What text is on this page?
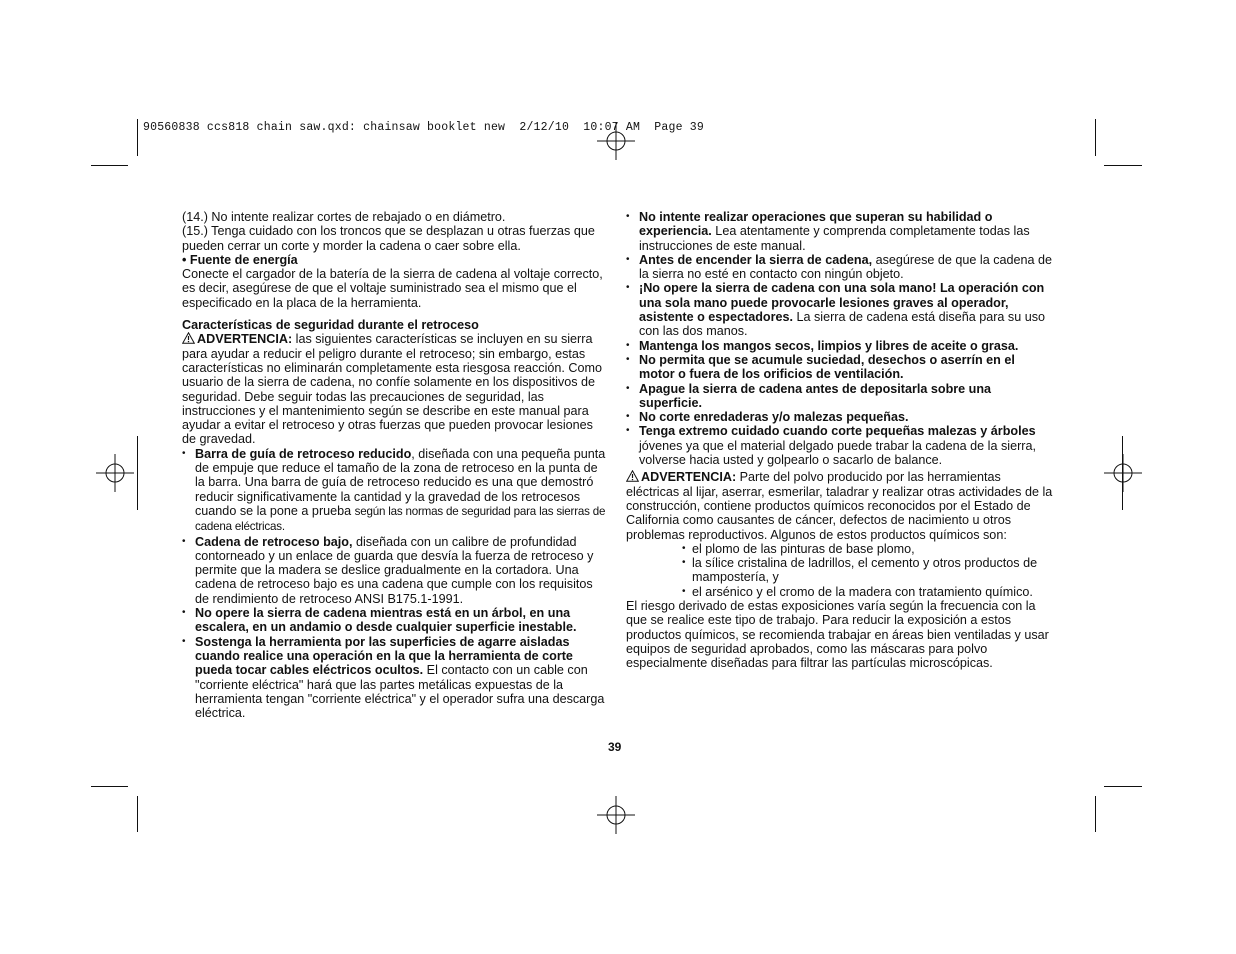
90560838 ccs818 chain saw.qxd: chainsaw booklet new  2/12/10  10:07 AM  Page 39

(14.) No intente realizar cortes de rebajado o en diámetro.

(15.) Tenga cuidado con los troncos que se desplazan u otras fuerzas que pueden cerrar un corte y morder la cadena o caer sobre ella.

• Fuente de energía

Conecte el cargador de la batería de la sierra de cadena al voltaje correcto, es decir, asegúrese de que el voltaje suministrado sea el mismo que el especificado en la placa de la herramienta.

Características de seguridad durante el retroceso

ADVERTENCIA: las siguientes características se incluyen en su sierra para ayudar a reducir el peligro durante el retroceso; sin embargo, estas características no eliminarán completamente esta riesgosa reacción. Como usuario de la sierra de cadena, no confíe solamente en los dispositivos de seguridad. Debe seguir todas las precauciones de seguridad, las instrucciones y el mantenimiento según se describe en este manual para ayudar a evitar el retroceso y otras fuerzas que pueden provocar lesiones de gravedad.

• Barra de guía de retroceso reducido, diseñada con una pequeña punta de empuje que reduce el tamaño de la zona de retroceso en la punta de la barra. Una barra de guía de retroceso reducido es una que demostró reducir significativamente la cantidad y la gravedad de los retrocesos cuando se la pone a prueba según las normas de seguridad para las sierras de cadena eléctricas.
• Cadena de retroceso bajo, diseñada con un calibre de profundidad contorneado y un enlace de guarda que desvía la fuerza de retroceso y permite que la madera se deslice gradualmente en la cortadora. Una cadena de retroceso bajo es una cadena que cumple con los requisitos de rendimiento de retroceso ANSI B175.1-1991.
• No opere la sierra de cadena mientras está en un árbol, en una escalera, en un andamio o desde cualquier superficie inestable.
• Sostenga la herramienta por las superficies de agarre aisladas cuando realice una operación en la que la herramienta de corte pueda tocar cables eléctricos ocultos. El contacto con un cable con "corriente eléctrica" hará que las partes metálicas expuestas de la herramienta tengan "corriente eléctrica" y el operador sufra una descarga eléctrica.
• No intente realizar operaciones que superan su habilidad o experiencia. Lea atentamente y comprenda completamente todas las instrucciones de este manual.
• Antes de encender la sierra de cadena, asegúrese de que la cadena de la sierra no esté en contacto con ningún objeto.
• ¡No opere la sierra de cadena con una sola mano! La operación con una sola mano puede provocarle lesiones graves al operador, asistente o espectadores. La sierra de cadena está diseña para su uso con las dos manos.
• Mantenga los mangos secos, limpios y libres de aceite o grasa.
• No permita que se acumule suciedad, desechos o aserrín en el motor o fuera de los orificios de ventilación.
• Apague la sierra de cadena antes de depositarla sobre una superficie.
• No corte enredaderas y/o malezas pequeñas.
• Tenga extremo cuidado cuando corte pequeñas malezas y árboles jóvenes ya que el material delgado puede trabar la cadena de la sierra, volverse hacia usted y golpearlo o sacarlo de balance.

ADVERTENCIA: Parte del polvo producido por las herramientas eléctricas al lijar, aserrar, esmerilar, taladrar y realizar otras actividades de la construcción, contiene productos químicos reconocidos por el Estado de California como causantes de cáncer, defectos de nacimiento u otros problemas reproductivos. Algunos de estos productos químicos son:

• el plomo de las pinturas de base plomo,
• la sílice cristalina de ladrillos, el cemento y otros productos de mampostería, y
• el arsénico y el cromo de la madera con tratamiento químico.

El riesgo derivado de estas exposiciones varía según la frecuencia con la que se realice este tipo de trabajo. Para reducir la exposición a estos productos químicos, se recomienda trabajar en áreas bien ventiladas y usar equipos de seguridad aprobados, como las máscaras para polvo especialmente diseñadas para filtrar las partículas microscópicas.

39
